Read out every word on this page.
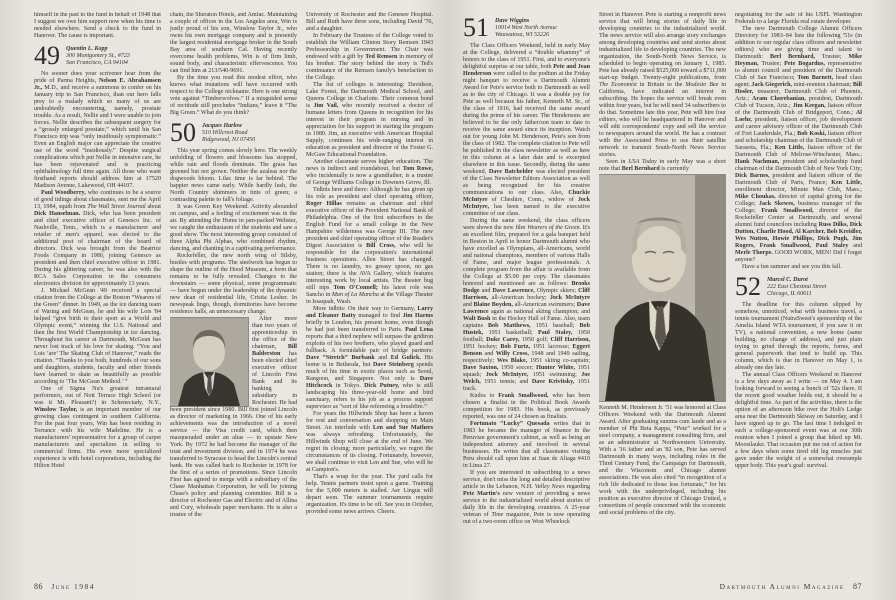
himself in the past to the fund in behalf of 1948 that I suggest we owe him support now when his time is needed elsewhere. Send a check to the fund in Hanover. The cause is important.

49 Quentin L. Kopp
300 Montgomery St., #723
San Francisco, CA 94104

No sooner does your scrivener hear from the pride of Parma Heights, Nelson E. Abrahamsen Jr., M.D., and receive a summons to confer on his January trip to San Francisco, than our hero falls prey to a malady which so many of us are undoubtedly encountering, namely, prostate trouble. As a result, Nellie and I were unable to join forces. Nellie describes the subsequent surgery for a “grossly enlarged prostate,” which until his San Francisco trip was “only insidiously symptomatic.” Even an English major can appreciate the creative use of the word “insidiously.” Despite surgical complications which put Nellie in intensive care, he has been rejuvenated and is practicing ophthalmology full time again. All those who want firsthand reports should address him at 17520 Madison Avenue, Lakewood, OH 44107.

Paul Woodberry, who continues to be a source of good tidings about classmates, sent me the April 13, 1984, squib from The Wall Street Journal about Dick Hanselman. Dick, who has been president and chief executive officer of Genesco Inc. of Nashville, Tenn., which is a manufacturer and retailer of men's apparel, was elected to the additional post of chairman of the board of directors. Dick was brought from the Beatrice Foods Company in 1980, joining Genesco as president and then chief executive officer in 1981. During his glittering career, he was also with the RCA Sales Corporation in the consumers electronics division for approximately 13 years.

J. Michael McGean '49 received a special citation from the College at the Boston “Wearers of the Green” dinner. In 1949, as the ice dancing team of Waring and McGean, he and his wife Lois '84 helped “give birth to their sport as a World and Olympic event,” winning the U.S. National and then the first World Championship in ice dancing. Throughout his career at Dartmouth, McGean has never lost track of his love for skating. “You and Lois ‘are’ The Skating Club of Hanover,” reads the citation. “Thanks to you both, hundreds of our sons and daughters, students, faculty and other friends have learned to skate as beautifully as possible according to ‘The McGean Method.’ ”

One of Sigma Nu's greatest intramural performers, out of Nott Terrace High School (or was it Mt. Pleasant?) in Schenectady, N.Y., Winslow Taylor, is an important member of our growing class contingent in southern California. For the past four years, Win has been residing in Torrance with his wife Madeline. He is a manufacturers' representative for a group of carpet manufacturers and specializes in selling to commercial firms. His even more specialized experience is with hotel corporations, including the Hilton Hotel

chain, the Sheraton Hotels, and Amfac. Maintaining a couple of offices in the Los Angeles area, Win is justly proud of his son, Winslow Taylor Jr., who owns his own mortgage company and is presently the largest residential mortgage broker in the South Bay area of southern Cal. Having recently overcome health problems, Win is of firm limb, sound body, and characteristic effervescence. You can find him at 213/540-9691.

By the time you read this modest effort, who knows what mutations will have occurred with respect to the College nickname. Here is one strong vote against “Timberwolves.” If a misguided sense of rectitude still precludes “Indians,” leave it “The Big Green.” What do you think?

50 Jacques Harlow
510 Hillcrest Road
Ridgewood, NJ 07450

This year spring comes slowly here. The weekly unfolding of flowers and blossoms has stopped, while rain and floods dominate. The grass has greened but not grown. Neither the azaleas nor the dogwoods bloom. Lilac time is far behind. The happier news came early. While hardly lush, the North Country shimmers in tints of green; a contrasting palette to fall's foliage.

It was Green Key Weekend. Activity abounded on campus, and a feeling of excitement was in the air. By attending the Hums in jam-packed Webster, we caught the enthusiasm of the students and saw a good show. The most interesting group consisted of three Alpha Phi Alphas, who combined rhythm, dancing, and chanting in a captivating performance.

Rockefeller, the new north wing of Silsby, bustles with programs. The steelwork has begun to shape the outline of the Hood Museum, a form that remains to be fully revealed. Changes to the downstairs — some physical, some programmatic — have begun under the leadership of the dynamic new dean of residential life, Cristia Lesher. In newspeak lingo, though, dormitories have become residence halls, an unnecessary change.

After more than two years of apprenticeship in the office of the chairman, Bill Balderston has been elected chief executive officer of Lincoln First Bank and its banking subsidiary in Rochester. He had been president since 1980. Bill first joined Lincoln as director of marketing in 1966. One of his early achievements was the introduction of a novel service — the Visa credit card, which then masqueraded under an alias — to upstate New York. By 1972 he had become the manager of the trust and investment division, and in 1974 he was transferred to Syracuse to head the Lincoln's central bank. He was called back to Rochester in 1978 for the first of a series of promotions. Since Lincoln First has agreed to merge with a subsidiary of the Chase Manhattan Corporation, he will be joining Chase's policy and planning committee. Bill is a director of Rochester Gas and Electric and of Allina and Cory, wholesale paper merchants. He is also a trustee of the

University of Rochester and the Genesee Hospital. Bill and Ruth have three sons, including David '76, and a daughter.

In February the Trustees of the College voted to establish the William Clinton Story Remsen 1943 Professorship in Government. The Chair was endowed with a gift by Ted Remsen in memory of his brother. The story behind the story is Ted's continuance of the Remsen family's benefaction to the College.

The list of colleges is interesting: Davidson, Lake Forest, the Dartmouth Medical School, and Queens College in Charlotte. Their common bond is Jim Vail, who recently received a doctor of humane letters from Queens in recognition for his interest in their program in nursing and in appreciation for his support in starting the program in 1980. Jim, an executive with American Hospital Supply, continues his wide-ranging interest in education as president and director of the Foster G. McGaw Educational Foundation.

Another classmate serves higher education. The news is indirect and roundabout, but Tom Rowe, who incidentally is now a grandfather, is a trustee of George Williams College in Downers Grove, Ill.

Tidbits here and there: Although he has given up his role as president and chief operating officer, Roger Hillas remains as chairman and chief executive officer of the Provident National Bank of Philadelphia. One of the first subscribers to the English Fund for a small college in the New Hampshire wilderness was George III. The new president and chief operating officer of the Reader's Digest Association is Bill Cross, who will be responsible for the corporation's international business operations. Allen Street has changed. There is no laundry, no greasy spoon, no gas station; there is the AVA Gallery, which features interesting work by local artists. The theater bug still nips Tom O'Connell; his latest role was Sancho in Man of La Mancha at the Village Theater in Issaquah, Wash.

More tidbits: On their way to Germany, Larry and Eleanor Batty managed to find Jim Harms briefly in London, his present home, even though he had just been transferred to Paris. Paul Lena reports that a third nephew will surpass the gridiron exploits of his two brothers, who played guard and fullback. A formidable pair of bridge partners: Dave “Stretch” Burbank and Ed Gulick. His home is in Bethesda, but Dave Steinberg spends much of his time in exotic places such as Seoul, Rangoon, and Singapore. Not only is Dave Hitchcock in Tokyo. Dick Putney, who is still landscaping his three-year-old home and bird sanctuary, refers to his job as a process support supervisor as “sort of like refereeing a brushfire.”

For years the Hillwinds Shop has been a haven for rest and conversation and shopping on Main Street. An interlude with Len and Sue Mathers was always refreshing. Unfortunately, the Hillwinds Shop will close at the end of June. We regret its closing; more particularly, we regret the circumstances of its closing. Fortunately, however, we shall continue to visit Len and Sue, who will be at Campion's.

That's a wrap for the year. The yard calls for help. Tennis partners insist upon a game. Training for the 5,000 meters is stalled. Aer Lingus will depart soon. The summer tournaments require organization. It's time to be off. See you in October, provided some news arrives. Cheers.

51 Dave Wiggins
10014 West North Avenue
Wauwatosa, WI 53226

The Class Officers Weekend, held in early May at the College, delivered a “double whammy” of honors to the class of 1951. First, and to everyone's delightful surprise at our table, both Pete and Jean Henderson were called to the podium at the Friday night banquet to receive a Dartmouth Alumni Award for Pete's service both to Dartmouth as well as to the city of Chicago. It was a double joy for Pete as well because his father, Kenneth M. Sr., of the class of 1916, had received the same award during the prime of his career. The Hendersons are believed to be the only father/son team to date to receive the same award since its inception. Watch out for young John M. Henderson, Pete's son from the class of 1982. The complete citation to Pete will be published in the class newsletter as well as here in this column at a later date and is excerpted elsewhere in this issue. Secondly, during the same weekend, Dave Batchelder was elected president of the Class Newsletter Editors Association as well as being recognized for his creative communications to our class. Also, Chuckie McIntyre of Cheshire, Conn., widow of Jock McIntyre, has been named to the executive committee of our class.

During the same weekend, the class officers were shown the new film Wearers of the Green. It's an excellent film, prepared for a gala banquet held in Boston in April to honor Dartmouth alumni who have excelled as Olympians, all-Americans, world and national champions, members of various Halls of Fame, and major league professionals. A complete program from the affair is available from the College at $5.00 per copy. The classmates honored and mentioned are as follows: Brooks Dodge and Dave Lawrence, Olympic skiers; Cliff Harrison, all-American hockey; Jock McIntyre and Blaine Boyden, all-American swimmers; Dave Lawrence again as national skiing champion; and Walt Bush in the Hockey Hall of Fame. Also, team captains Bob Matthews, 1951 baseball; Bob Hustek, 1951 basketball; Paul Staley, 1950 football; Duke Carey, 1950 golf; Cliff Harrison, 1951 hockey; Bob Furtz, 1951 lacrosse; Eggert Benson and Willy Cross, 1948 and 1949 sailing, respectively; Wes Blake, 1951 skiing co-captain; Dave Saxton, 1950 soccer; Hunter White, 1951 squash; Jock McIntyre, 1951 swimming; Joe Welch, 1951 tennis; and Dave Krivitsky, 1951 track.

Kudos to Frank Smallwood, who has been chosen a finalist in the Political Book Awards competition for 1983. His book, as previously reported, was one of 24 chosen as finalists.

Fortunato “Lucky” Quesada writes that in 1983 he became the manager of finance in the Peruvian government's cabinet, as well as being an independent attorney and involved in several businesses. He writes that all classmates visiting Peru should call upon him at Juan de Aliaga #410 in Lima 27.

If you are interested in subscribing to a news service, don't miss the long and detailed descriptive article in the Lebanon, N.H. Valley News regarding Pete Martin's new venture of providing a news service to the industrialized world about stories of daily life in the developing countries. A 25-year veteran of Time magazine, Pete is now operating out of a two-room office on West Wheelock

Street in Hanover. Pete is starting a nonprofit news service that will bring stories of daily life in developing countries to the industrialized world. The news service will also arrange story exchanges among developing countries and send stories about industrialized life to developing countries. The new organization, the South-North News Service, is scheduled to begin operating on January 1, 1985. Pete has already raised $525,000 toward a $711,000 start-up budget. Twenty-eight publications, from The Economist in Britain to the Modesto Bee in California, have indicated an interest in subscribing. He hopes the service will break even within four years, but he will need 34 subscribers to do that. Sometime late this year, Pete will hire four editors, who will be headquartered in Hanover and will edit correspondents' copy and sell the service to newspapers around the world. He has a contract with the Associated Press to use their satellite network to transmit South-North News Service stories.

Seen in USA Today in early May was a short note that Berl Bernhard is currently

Kenneth M. Henderson Jr. '51 was honored at Class Officers Weekend with the Dartmouth Alumni Award. After graduating summa cum laude and as a member of Phi Beta Kappa, “Pete” worked for a steel company, a management consulting firm, and as an administrator at Northwestern University. With a '16 father and an '82 son, Pete has served Dartmouth in many ways, including roles in the Third Century Fund, the Campaign for Dartmouth, and the Wisconsin and Chicago alumni associations. He was also cited “in recognition of a rich life dedicated to those less fortunate,” for his work with the underprivileged, including his position as executive director of Chicago United, a consortium of people concerned with the economic and social problems of the city.

negotiating for the sale of his USFL Washington Federals to a large Florida real estate developer.

The new Dartmouth College Alumni Officers Directory for 1983–84 lists the following '51s (in addition to our regular class officers and newsletter editors) who are giving time and talent to Dartmouth: Berl Bernhard, Trustee; Mike Heyman, Trustee; Pete Bogardus, representative to alumni council and president of the Dartmouth Club of San Francisco; Tom Barnett, head class agent; Jack Giegerich, mini-reunion chairman; Bill Hosler, treasurer, Dartmouth Club of Phoenix, Ariz.; Aram Chorebanian, president, Dartmouth Club of Tucson, Ariz.; Jim Keegan, liaison officer of the Dartmouth Club of Bridgeport, Conn.; Al Loehr, president, liaison officer, job development and career advisory officer of the Dartmouth Club of Fort Lauderdale, Fla.; Bob Koski, liaison officer and scholarship chairman of the Dartmouth Club of Sarasota, Fla.; Ken Little, liaison officer of the Dartmouth Club of Melrose-Winchester, Mass.; Hank Nachman, president and scholarship fund chairman of the Dartmouth Club of New York City; Dick Barnes, president and liaison officer of the Dartmouth Club of Paris, France; Ken Little, enrollment director, Minute Man Club, Mass.; Mike Choukas, director of capital giving for the College; Jack Skewes, business manager of the College; Frank Smallwood, director of the Rockefeller Center at Dartmouth; and several alumni fund councilors including Russ Dilks, Dick Dutton, Charlie Hood, Al Karcher, Bob Kreidler, Wes Nutten, Howie Phillips, Dick Pugh, Jim Rogers, Frank Smallwood, Paul Staley and Merle Thorpe. GOOD WORK, MEN! Did I forget anyone?

Have a fun summer and see you this fall.

52 Marcel C. Durot
222 East Chestnut Street
Chicago, IL 60611

The deadline for this column slipped by somehow, unnoticed, what with business travel, a tennis tournament (NutraSweet's sponsorship of the Amelia Island WTA tournament, if you saw it on TV), a national convention, a new home (same building, no change of address), and just plain trying to grind through the reports, forms, and general paperwork that tend to build up. This column, which is due in Hanover on May 1, is already one day late.

The annual Class Officers Weekend in Hanover is a few days away as I write — on May 4. I am looking forward to seeing a bunch of '52s there. If the recent good weather holds out, it should be a delightful time. As part of the activities, there is the option of an afternoon hike over the Holt's Ledge area near the Dartmouth Skiway on Saturday, and I have signed up to go. The last time I indulged in such a college-sponsored event was at our 30th reunion when I joined a group that hiked up Mt. Moosilauke. That occasion put me out of action for a few days when some tired old leg muscles just gave under the weight of a somewhat overample upper body. This year's goal: survival.

86 June 1984	Dartmouth Alumni Magazine 87
